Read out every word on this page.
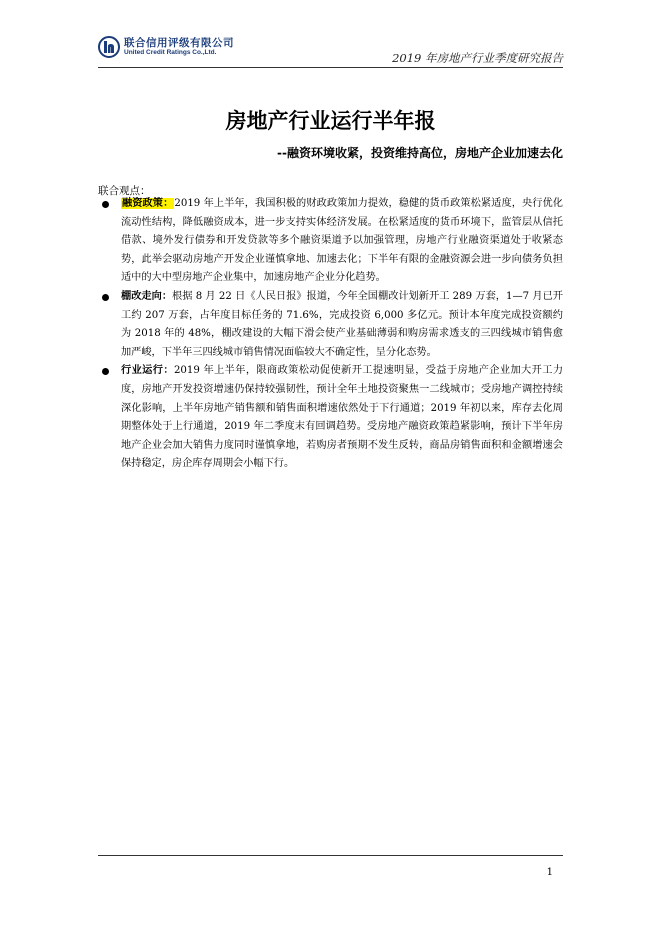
联合信用评级有限公司
United Credit Ratings Co.,Ltd.	2019 年房地产行业季度研究报告
房地产行业运行半年报
--融资环境收紧，投资维持高位，房地产企业加速去化
联合观点：
融资政策：2019 年上半年，我国积极的财政政策加力提效，稳健的货币政策松紧适度，央行优化流动性结构，降低融资成本，进一步支持实体经济发展。在松紧适度的货币环境下，监管层从信托借款、境外发行债券和开发贷款等多个融资渠道予以加强管理，房地产行业融资渠道处于收紧态势，此举会驱动房地产开发企业谨慎拿地、加速去化；下半年有限的金融资源会进一步向债务负担适中的大中型房地产企业集中，加速房地产企业分化趋势。
棚改走向：根据 8 月 22 日《人民日报》报道，今年全国棚改计划新开工 289 万套，1—7 月已开工约 207 万套，占年度目标任务的 71.6%，完成投资 6,000 多亿元。预计本年度完成投资额约为 2018 年的 48%，棚改建设的大幅下滑会使产业基础薄弱和购房需求透支的三四线城市销售愈加严峻，下半年三四线城市销售情况面临较大不确定性，呈分化态势。
行业运行：2019 年上半年，限商政策松动促使新开工提速明显，受益于房地产企业加大开工力度，房地产开发投资增速仍保持较强韧性，预计全年土地投资聚焦一二线城市；受房地产调控持续深化影响，上半年房地产销售额和销售面积增速依然处于下行通道；2019 年初以来，库存去化周期整体处于上行通道，2019 年二季度末有回调趋势。受房地产融资政策趋紧影响，预计下半年房地产企业会加大销售力度同时谨慎拿地，若购房者预期不发生反转，商品房销售面积和金额增速会保持稳定，房企库存周期会小幅下行。
1
